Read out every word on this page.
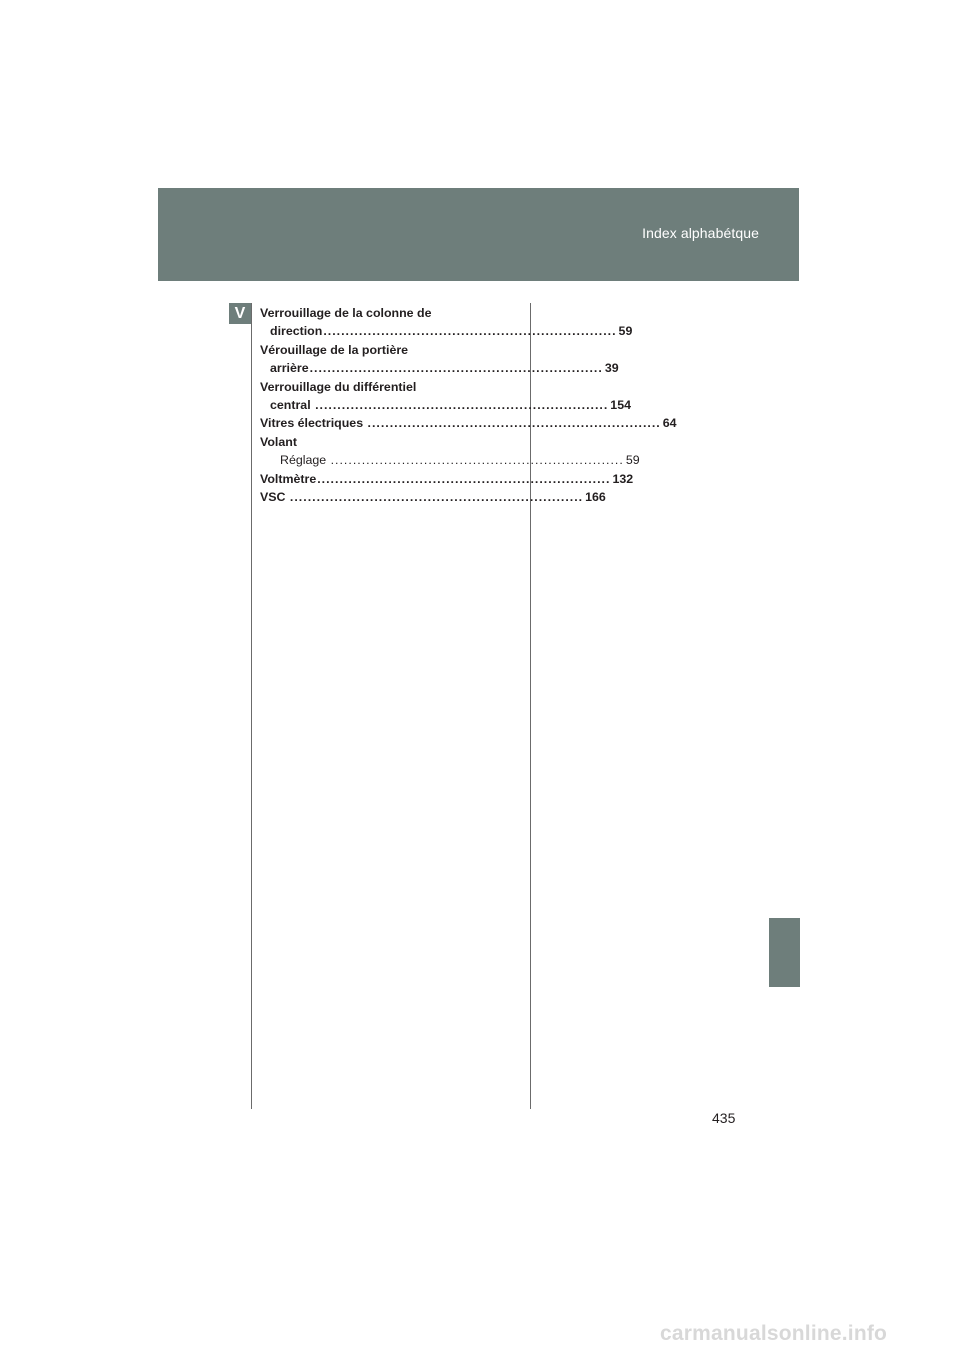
Index alphabétque
V	Verrouillage de la colonne de
direction .................................................................. 59
Vérouillage de la portière
arrière .................................................................. 39
Verrouillage du différentiel
central .................................................................. 154
Vitres électriques .................................................................. 64
Volant
Réglage .................................................................. 59
Voltmètre .................................................................. 132
VSC .................................................................. 166
435
carmanualsonline.info
